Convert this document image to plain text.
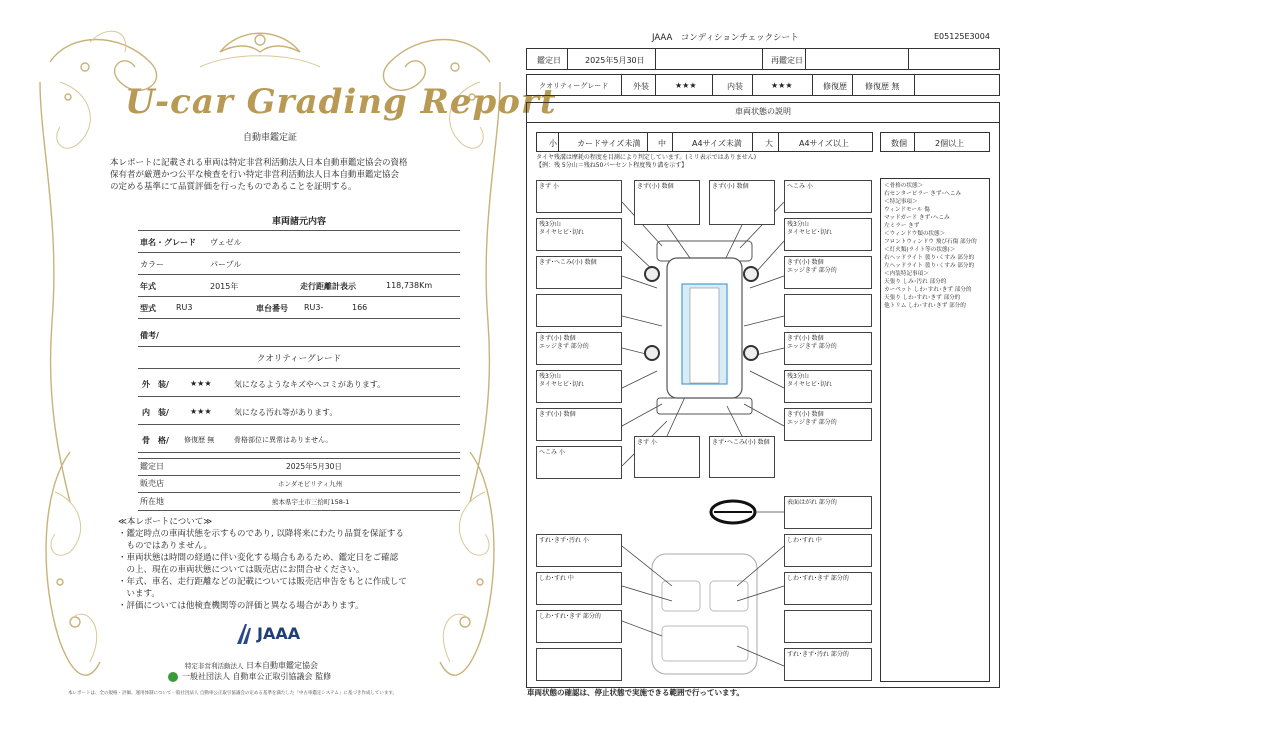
U-car Grading Report
自動車鑑定証
本レポートに記載される車両は特定非営利活動法人日本自動車鑑定協会の資格
保有者が厳選かつ公平な検査を行い特定非営利活動法人日本自動車鑑定協会
の定める基準にて品質評価を行ったものであることを証明する。
車両諸元内容
車名・グレード ヴェゼル
カラー	パープル
年式	2015年	走行距離計表示	118,738Km
型式	RU3	車台番号 RU3-	166
備考/
クオリティーグレード
外　装/	★★★	気になるようなキズやヘコミがあります。
内　装/	★★★	気になる汚れ等があります。
骨　格/ 修復歴 無	骨格部位に異常はありません。
鑑定日	2025年5月30日
販売店	ホンダモビリティ九州
所在地	熊本県宇土市三拾町158-1
≪本レポートについて≫
・鑑定時点の車両状態を示すものであり, 以降将来にわたり品質を保証する
　ものではありません。
・車両状態は時間の経過に伴い変化する場合もあるため、鑑定日をご確認
　の上、現在の車両状態については販売店にお問合せください。
・年式、車名、走行距離などの記載については販売店申告をもとに作成して
　います。
・評価については他検査機関等の評価と異なる場合があります。
JAAA
特定非営利活動法人 日本自動車鑑定協会
一般社団法人 自動車公正取引協議会 監修
本レポートは、全の規格・評価、運用体制について一般社団法人 自動車公正取引協議会の定める基準を満たした「中古車鑑定システム」に基づき作成しています。
JAAA　コンディションチェックシート	E05125E3004
鑑定日	2025年5月30日	再鑑定日
クオリティーグレード	外装	★★★	内装	★★★	修復歴 修復歴 無
車両状態の説明
小	カードサイズ未満 中	A4サイズ未満	大	A4サイズ以上	数個	2個以上
タイヤ残溝は摩耗の程度を目測により判定しています。(ミリ表示ではありません)
【例：残 5分山＝残ね50パーセント程度残り溝を示す】
きず 小
残3分山
タイヤヒビ･切れ
きず･へこみ(小) 数個
きず(小) 数個
エッジきず 部分的
残3分山
タイヤヒビ･切れ
きず(小) 数個
へこみ 小
きず(小) 数個	きず(小) 数個	へこみ 小
残3分山
タイヤヒビ･切れ
きず(小) 数個
エッジきず 部分的
きず(小) 数個
エッジきず 部分的
残3分山
タイヤヒビ･切れ
きず(小) 数個
エッジきず 部分的
きず 小	きず･へこみ(小) 数個
表面はがれ 部分的
すれ･きず･汚れ 小
しわ･すれ 中
しわ･すれ･きず 部分的
しわ･すれ 中
しわ･すれ･きず 部分的
すれ･きず･汚れ 部分的
＜骨格の状態＞
右センターピラー きず･へこみ
＜特記事項＞
ウィンドモール 傷
マッドガード きず･へこみ
左ミラー きず
＜ウィンドウ類の状態＞
フロントウィンドウ 飛び石傷 部分的
＜灯火類(ライト等の状態)＞
右ヘッドライト 曇り･くすみ 部分的
左ヘッドライト 曇り･くすみ 部分的
＜内装特記事項＞
天張り しみ･汚れ 部分的
カーペット しわ･すれ･きず 部分的
天張り しわ･すれ･きず 部分的
他トリム しわ･すれ･きず 部分的
車両状態の確認は、停止状態で実施できる範囲で行っています。
